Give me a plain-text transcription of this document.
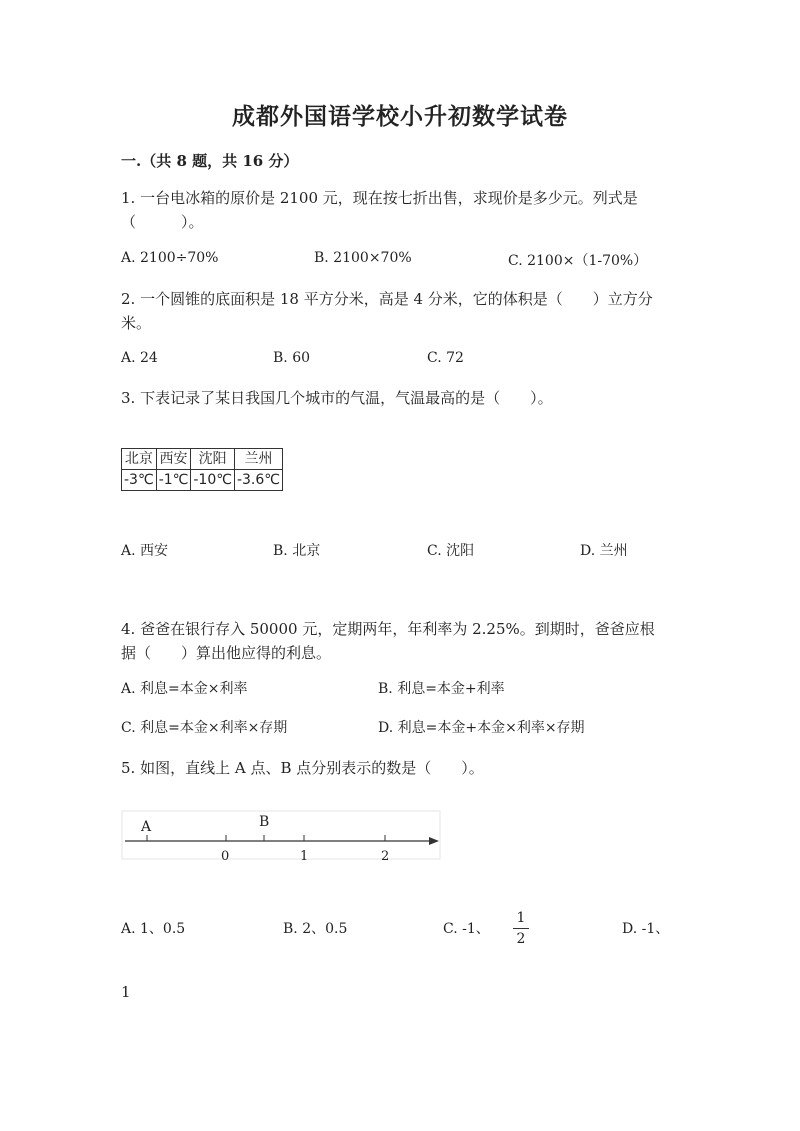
成都外国语学校小升初数学试卷
一.（共 8 题，共 16 分）
1. 一台电冰箱的原价是 2100 元，现在按七折出售，求现价是多少元。列式是
（　　　）。
A. 2100÷70%	B. 2100×70%	C. 2100×（1-70%）
2. 一个圆锥的底面积是 18 平方分米，高是 4 分米，它的体积是（　　）立方分
米。
A. 24	B. 60	C. 72
3. 下表记录了某日我国几个城市的气温，气温最高的是（　　）。
北京	西安	沈阳	兰州
-3℃	-1℃	-10℃	-3.6℃
A. 西安	B. 北京	C. 沈阳	D. 兰州
4. 爸爸在银行存入 50000 元，定期两年，年利率为 2.25%。到期时，爸爸应根
据（　　）算出他应得的利息。
A. 利息=本金×利率	B. 利息=本金+利率
C. 利息=本金×利率×存期	D. 利息=本金+本金×利率×存期
5. 如图，直线上 A 点、B 点分别表示的数是（　　）。
A	B
0	1	2
A. 1、0.5	B. 2、0.5	C. -1、
1
2
D. -1、
1
